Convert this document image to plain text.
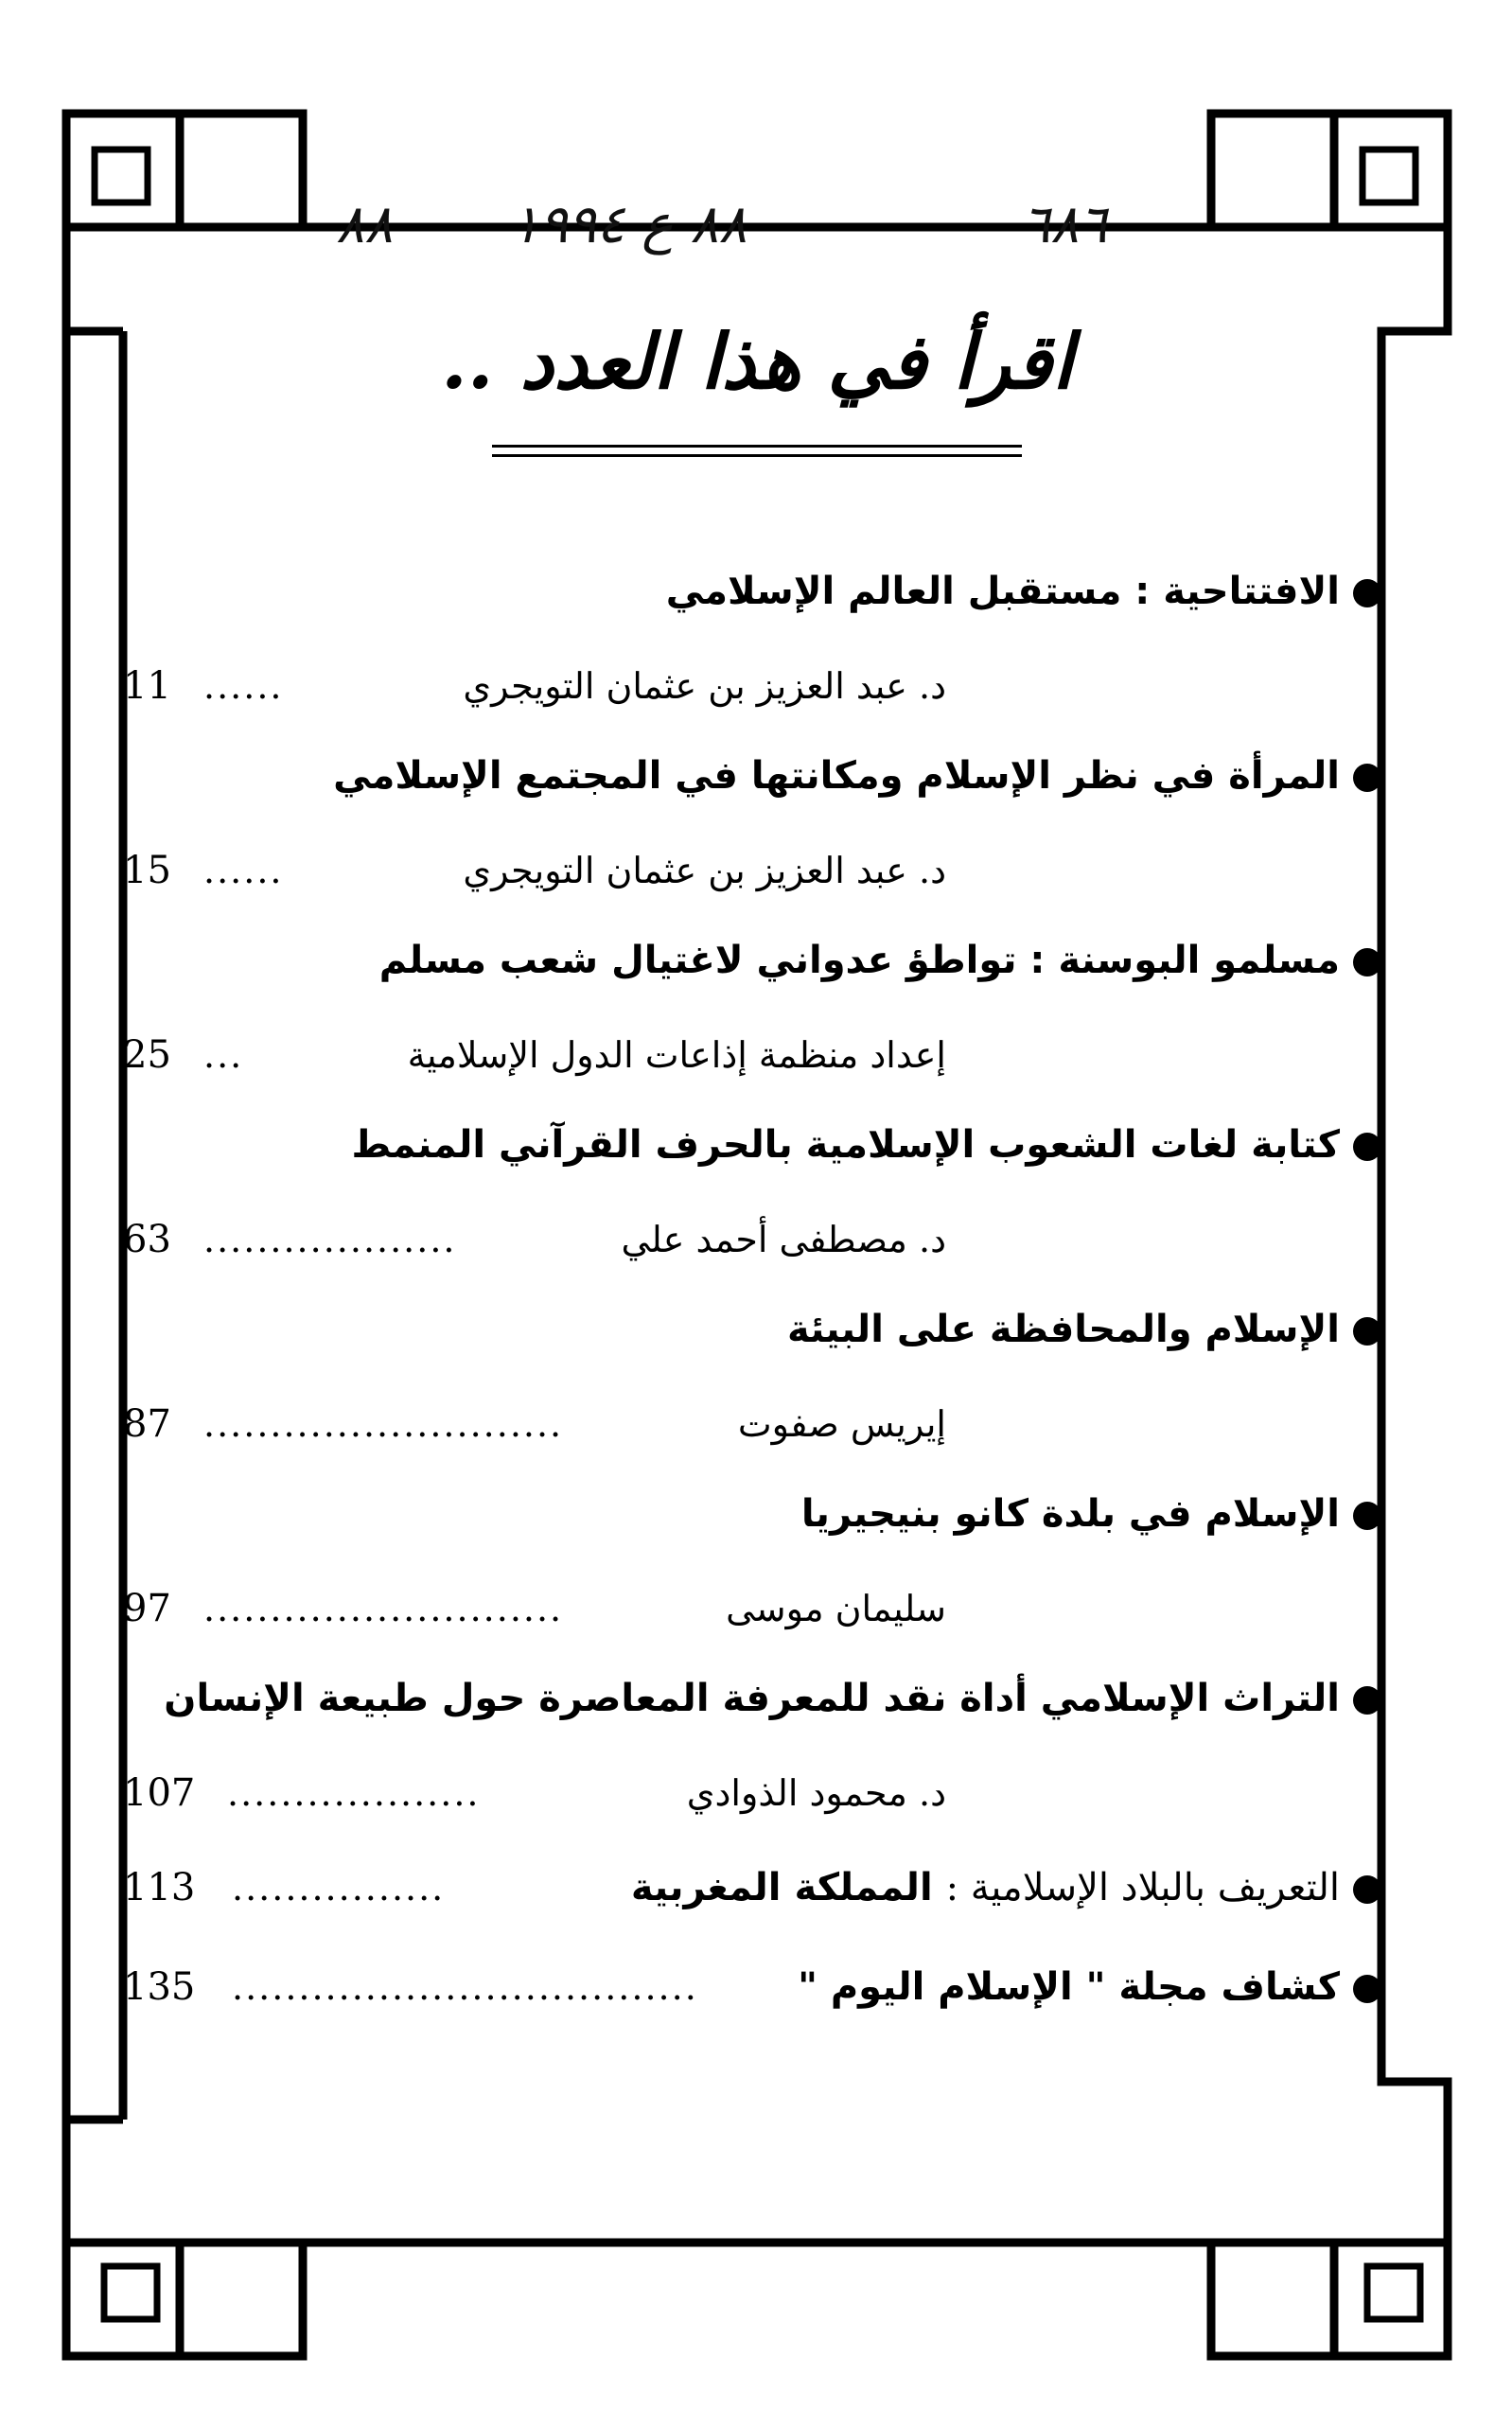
٨٨ ٨٨ ع ١٩٩٤	٦٨٦
اقرأ في هذا العدد ..
الافتتاحية : مستقبل العالم الإسلامي
د. عبد العزيز بن عثمان التويجري
......
11
المرأة في نظر الإسلام ومكانتها في المجتمع الإسلامي
د. عبد العزيز بن عثمان التويجري
......
15
مسلمو البوسنة : تواطؤ عدواني لاغتيال شعب مسلم
إعداد منظمة إذاعات الدول الإسلامية
...
25
كتابة لغات الشعوب الإسلامية بالحرف القرآني المنمط
د. مصطفى أحمد علي
...................
63
الإسلام والمحافظة على البيئة
إيريس صفوت
...........................
87
الإسلام في بلدة كانو بنيجيريا
سليمان موسى
...........................
97
التراث الإسلامي أداة نقد للمعرفة المعاصرة حول طبيعة الإنسان
د. محمود الذوادي
...................
107
التعريف بالبلاد الإسلامية : المملكة المغربية
................
113
كشاف مجلة " الإسلام اليوم "
...................................
135
